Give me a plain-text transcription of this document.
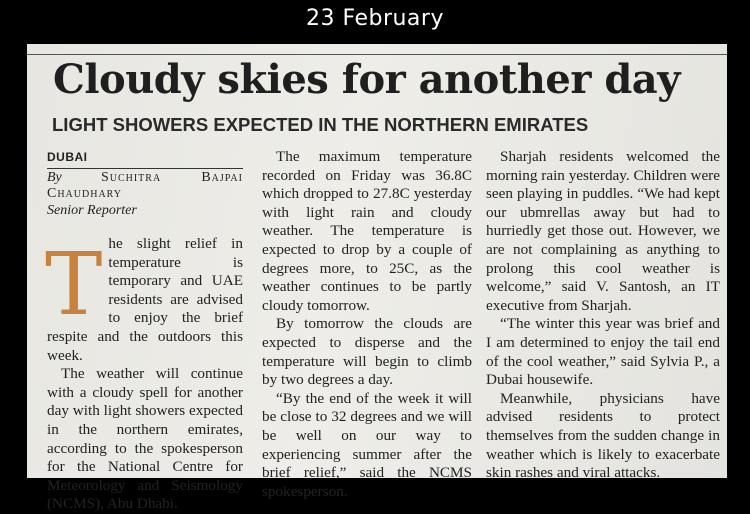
23 February
Cloudy skies for another day
LIGHT SHOWERS EXPECTED IN THE NORTHERN EMIRATES
DUBAI
By Suchitra Bajpai Chaudhary
Senior Reporter

The slight relief in temperature is temporary and UAE residents are advised to enjoy the brief respite and the outdoors this week.

The weather will continue with a cloudy spell for another day with light showers expected in the northern emirates, according to the spokesperson for the National Centre for Meteorology and Seismology (NCMS), Abu Dhabi.

The maximum temperature recorded on Friday was 36.8C which dropped to 27.8C yesterday with light rain and cloudy weather. The temperature is expected to drop by a couple of degrees more, to 25C, as the weather continues to be partly cloudy tomorrow.

By tomorrow the clouds are expected to disperse and the temperature will begin to climb by two degrees a day.

“By the end of the week it will be close to 32 degrees and we will be well on our way to experiencing summer after the brief relief,” said the NCMS spokesperson.

Sharjah residents welcomed the morning rain yesterday. Children were seen playing in puddles. “We had kept our ubmrellas away but had to hurriedly get those out. However, we are not complaining as anything to prolong this cool weather is welcome,” said V. Santosh, an IT executive from Sharjah.

“The winter this year was brief and I am determined to enjoy the tail end of the cool weather,” said Sylvia P., a Dubai housewife.

Meanwhile, physicians have advised residents to protect themselves from the sudden change in weather which is likely to exacerbate skin rashes and viral attacks.
